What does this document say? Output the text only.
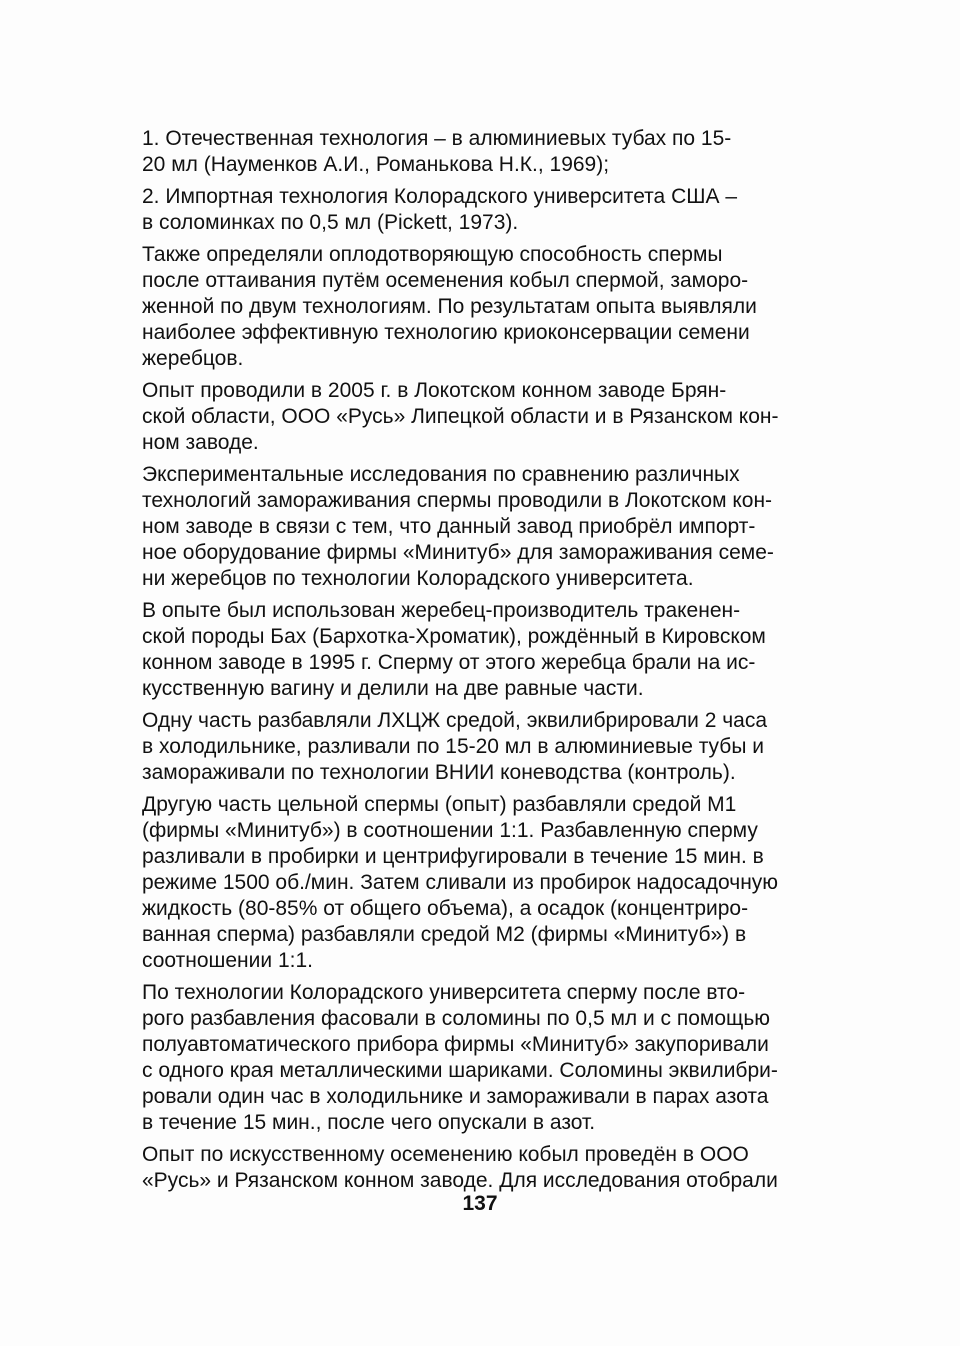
1. Отечественная технология – в алюминиевых тубах по 15-
20 мл (Науменков А.И., Романькова Н.К., 1969);

2. Импортная технология Колорадского университета США –
в соломинках по 0,5 мл (Pickett, 1973).

Также определяли оплодотворяющую способность спермы
после оттаивания путём осеменения кобыл спермой, заморо-
женной по двум технологиям. По результатам опыта выявляли
наиболее эффективную технологию криоконсервации семени
жеребцов.

Опыт проводили в 2005 г. в Локотском конном заводе Брян-
ской области, ООО «Русь» Липецкой области и в Рязанском кон-
ном заводе.

Экспериментальные исследования по сравнению различных
технологий замораживания спермы проводили в Локотском кон-
ном заводе в связи с тем, что данный завод приобрёл импорт-
ное оборудование фирмы «Минитуб» для замораживания семе-
ни жеребцов по технологии Колорадского университета.

В опыте был использован жеребец-производитель тракенен-
ской породы Бах (Бархотка-Хроматик), рождённый в Кировском
конном заводе в 1995 г. Сперму от этого жеребца брали на ис-
кусственную вагину и делили на две равные части.

Одну часть разбавляли ЛХЦЖ средой, эквилибрировали 2 часа
в холодильнике, разливали по 15-20 мл в алюминиевые тубы и
замораживали по технологии ВНИИ коневодства (контроль).

Другую часть цельной спермы (опыт) разбавляли средой М1
(фирмы «Минитуб») в соотношении 1:1. Разбавленную сперму
разливали в пробирки и центрифугировали в течение 15 мин. в
режиме 1500 об./мин. Затем сливали из пробирок надосадочную
жидкость (80-85% от общего объема), а осадок (концентриро-
ванная сперма) разбавляли средой М2 (фирмы «Минитуб») в
соотношении 1:1.

По технологии Колорадского университета сперму после вто-
рого разбавления фасовали в соломины по 0,5 мл и с помощью
полуавтоматического прибора фирмы «Минитуб» закупоривали
с одного края металлическими шариками. Соломины эквилибри-
ровали один час в холодильнике и замораживали в парах азота
в течение 15 мин., после чего опускали в азот.

Опыт по искусственному осеменению кобыл проведён в ООО
«Русь» и Рязанском конном заводе. Для исследования отобрали

137
